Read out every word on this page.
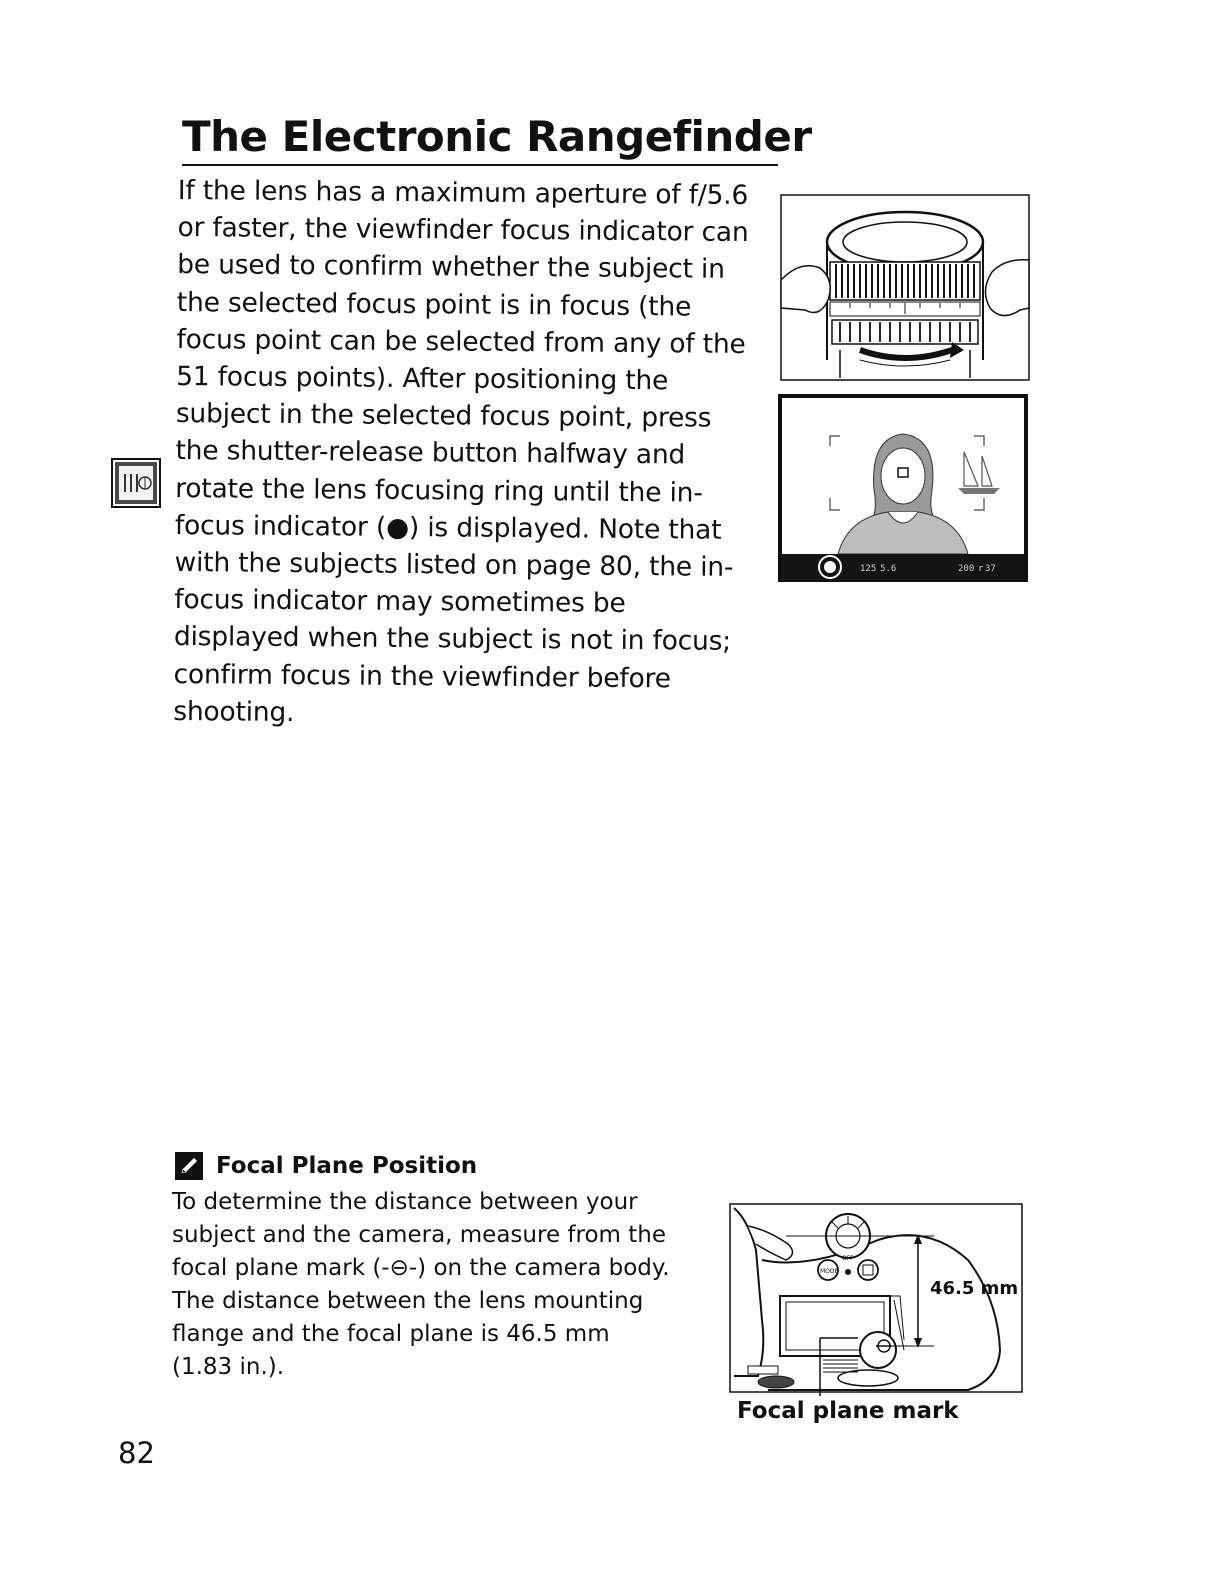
The Electronic Rangefinder

If the lens has a maximum aperture of f/5.6
or faster, the viewfinder focus indicator can
be used to confirm whether the subject in
the selected focus point is in focus (the
focus point can be selected from any of the
51 focus points). After positioning the
subject in the selected focus point, press
the shutter-release button halfway and
rotate the lens focusing ring until the in-
focus indicator (●) is displayed. Note that
with the subjects listed on page 80, the in-
focus indicator may sometimes be
displayed when the subject is not in focus;
confirm focus in the viewfinder before
shooting.

125 5.6	200 r 37
Focal Plane Position

To determine the distance between your
subject and the camera, measure from the
focal plane mark (-⊖-) on the camera body.
The distance between the lens mounting
flange and the focal plane is 46.5 mm
(1.83 in.).

OFF
MODE
46.5 mm
Focal plane mark
82
